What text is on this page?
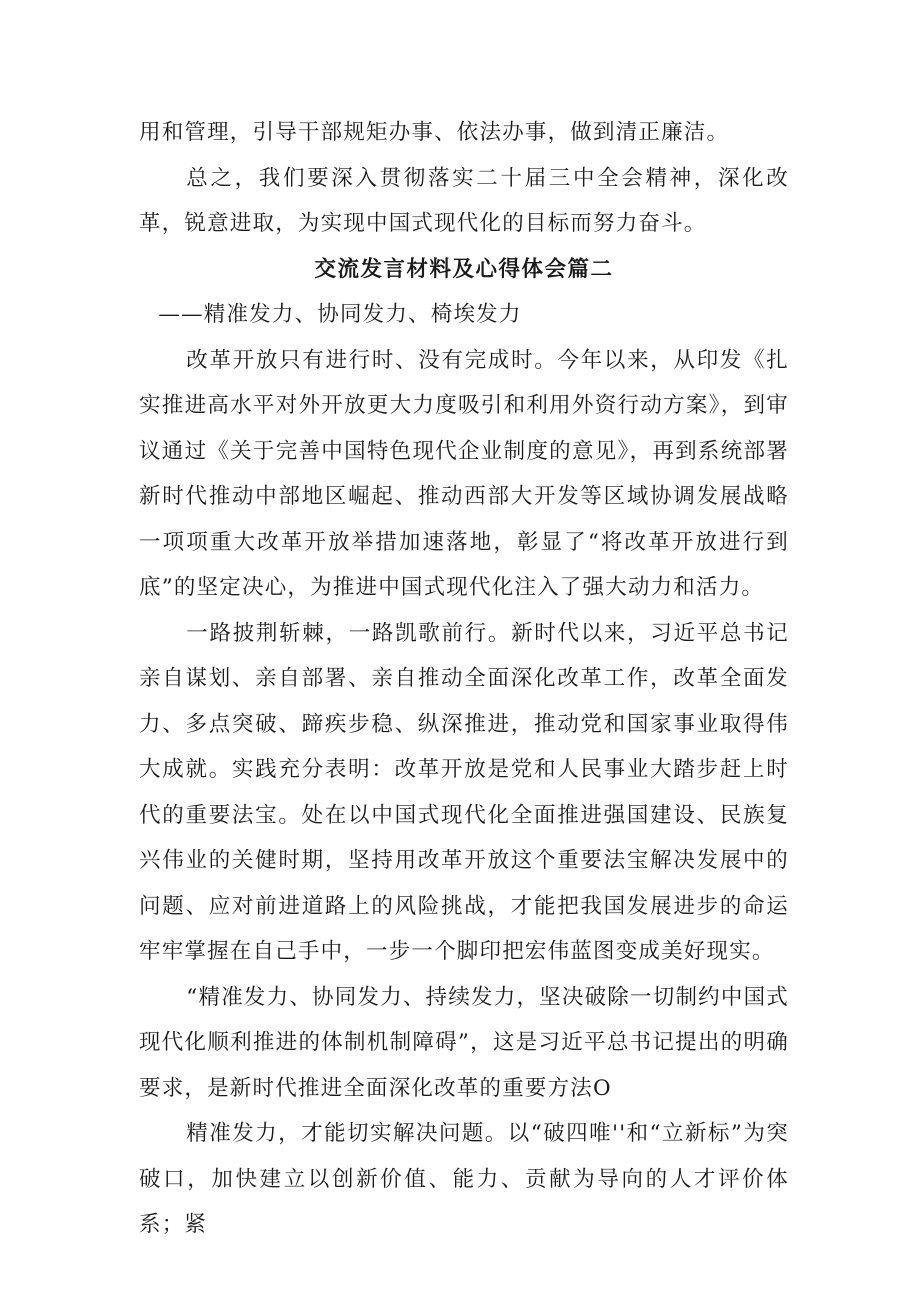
用和管理，引导干部规矩办事、依法办事，做到清正廉洁。

总之，我们要深入贯彻落实二十届三中全会精神，深化改革，锐意进取，为实现中国式现代化的目标而努力奋斗。

交流发言材料及心得体会篇二

——精准发力、协同发力、椅埃发力

改革开放只有进行时、没有完成时。今年以来，从印发《扎实推进高水平对外开放更大力度吸引和利用外资行动方案》，到审议通过《关于完善中国特色现代企业制度的意见》，再到系统部署新时代推动中部地区崛起、推动西部大开发等区域协调发展战略一项项重大改革开放举措加速落地，彰显了“将改革开放进行到底”的坚定决心，为推进中国式现代化注入了强大动力和活力。

一路披荆斩棘，一路凯歌前行。新时代以来，习近平总书记亲自谋划、亲自部署、亲自推动全面深化改革工作，改革全面发力、多点突破、蹄疾步稳、纵深推进，推动党和国家事业取得伟大成就。实践充分表明：改革开放是党和人民事业大踏步赶上时代的重要法宝。处在以中国式现代化全面推进强国建设、民族复兴伟业的关健时期，坚持用改革开放这个重要法宝解决发展中的问题、应对前进道路上的风险挑战，才能把我国发展进步的命运牢牢掌握在自己手中，一步一个脚印把宏伟蓝图变成美好现实。

“精准发力、协同发力、持续发力，坚决破除一切制约中国式现代化顺利推进的体制机制障碍”，这是习近平总书记提出的明确要求，是新时代推进全面深化改革的重要方法O

精准发力，才能切实解决问题。以“破四唯''和“立新标”为突破口，加快建立以创新价值、能力、贡献为导向的人才评价体系；紧
